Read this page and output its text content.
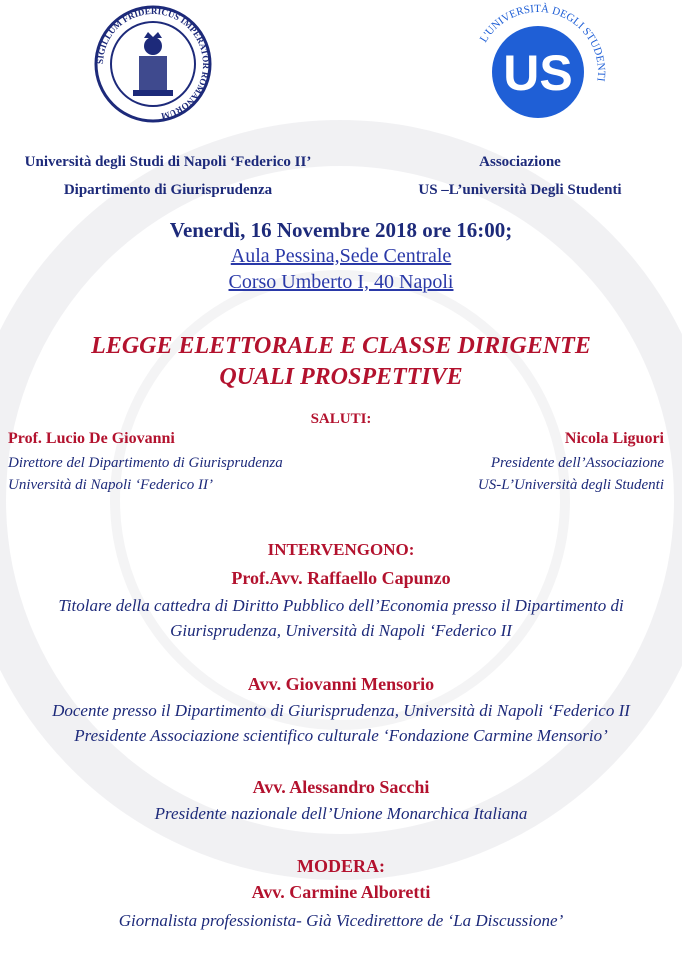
SIGILLUM FRIDERICUS IMPERATOR ROMANORUM
L'UNIVERSITÀ DEGLI STUDENTI
US
Università degli Studi di Napoli ‘Federico II’
Dipartimento di Giurisprudenza
Associazione
US –L’università Degli Studenti
Venerdì, 16 Novembre 2018 ore 16:00;
Aula Pessina,Sede Centrale
Corso Umberto I, 40 Napoli
LEGGE ELETTORALE E CLASSE DIRIGENTE
QUALI PROSPETTIVE
SALUTI:
Prof. Lucio De Giovanni
Direttore del Dipartimento di Giurisprudenza
Università di Napoli ‘Federico II’
Nicola Liguori
Presidente dell’Associazione
US-L’Università degli Studenti
INTERVENGONO:
Prof.Avv. Raffaello Capunzo
Titolare della cattedra di Diritto Pubblico dell’Economia presso il Dipartimento di
Giurisprudenza, Università di Napoli ‘Federico II
Avv. Giovanni Mensorio
Docente presso il Dipartimento di Giurisprudenza, Università di Napoli ‘Federico II
Presidente Associazione scientifico culturale ‘Fondazione Carmine Mensorio’
Avv. Alessandro Sacchi
Presidente nazionale dell’Unione Monarchica Italiana
MODERA:
Avv. Carmine Alboretti
Giornalista professionista- Già Vicedirettore de ‘La Discussione’
